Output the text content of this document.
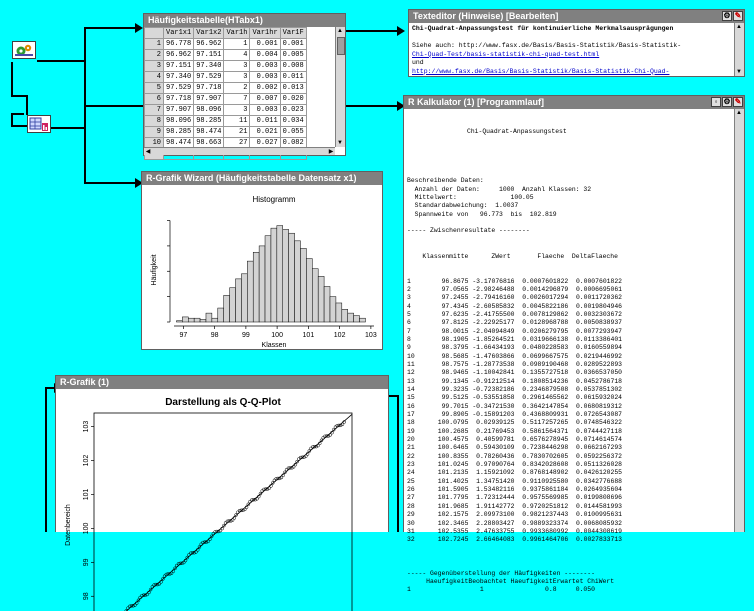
Häufigkeitstabelle(HTabx1)
	Var1x1	Var1x2	Var1h	Var1hr	Var1F
1	96.778	96.962	1	0.001	0.001
2	96.962	97.151	4	0.004	0.005
3	97.151	97.340	3	0.003	0.008
4	97.340	97.529	3	0.003	0.011
5	97.529	97.718	2	0.002	0.013
6	97.718	97.907	7	0.007	0.020
7	97.907	98.096	3	0.003	0.023
8	98.096	98.285	11	0.011	0.034
9	98.285	98.474	21	0.021	0.055
10	98.474	98.663	27	0.027	0.082

▲
▼
◀	▶
Texteditor (Hinweise) [Bearbeiten]	⚙ ✎
Chi-Quadrat-Anpassungstest für kontinuierliche Merkmalsausprägungen
Siehe auch: http://www.fasx.de/Basis/Basis-Statistik/Basis-Statistik-
Chi-Quad-Test/basis-statistik-chi-quad-test.html
und
http://www.fasx.de/Basis/Basis-Statistik/Basis-Statistik-Chi-Quad-
▲
▼
R Kalkulator (1) [Programmlauf]	◦ ⚙ ✎

Chi-Quadrat-Anpassungstest

Beschreibende Daten:
Anzahl der Daten:     1000  Anzahl Klassen: 32
Mittelwert:              100.05
Standardabweichung:  1.0037
Spannweite von   96.773  bis  102.819
----- Zwischenresultate --------

Klassenmitte      ZWert       Flaeche  DeltaFlaeche

1	96.8675 -3.17076816 0.0007601822 0.0007601822
2	97.0565 -2.98246488 0.0014296879 0.0006695061
3	97.2455 -2.79416160 0.0026017294 0.0011720362
4	97.4345 -2.60585832 0.0045822186 0.0019804946
5	97.6235 -2.41755500 0.0078129862 0.0032303672
6	97.8125 -2.22925177 0.0128968788 0.0050838937
7	98.0015 -2.04094849 0.0206279795 0.0077293947
8	98.1905 -1.85264521 0.0319666138 0.0113386401
9	98.3795 -1.66434193 0.0480228583 0.0160559894
10	98.5685 -1.47603866 0.0699667575 0.0219446992
11	98.7575 -1.28773538 0.0989190468 0.0289522893
12	98.9465 -1.10042841 0.1355727518 0.0366537050
13	99.1345 -0.91212514 0.1808514236 0.0452786718
14	99.3235 -0.72382186 0.2346879508 0.0537851302
15	99.5125 -0.53551858 0.2961465562 0.0615932024
16	99.7015 -0.34721530 0.3642147854 0.0680819312
17	99.8905 -0.15891203 0.4368809931 0.0726543087
18	100.0795 0.02939125 0.5117257265 0.0748546322
19	100.2685 0.21769453 0.5861564371 0.0744427118
20	100.4575 0.40599781 0.6576278945 0.0714614574
21	100.6465 0.59430109 0.7238446298 0.0662167293
22	100.8355 0.78260436 0.7830702605 0.0592256372
23	101.0245 0.97090764 0.8342028608 0.0511326028
24	101.2135 1.15921092 0.8768148902 0.0426120255
25	101.4025 1.34751420 0.9110925580 0.0342776688
26	101.5905 1.53482116 0.9375861184 0.0264935604
27	101.7795 1.72312444 0.9575569985 0.0199808696
28	101.9685 1.91142772 0.9720251812 0.0144581993
29	102.1575 2.09973100 0.9821237443 0.0100995631
30	102.3465 2.28803427 0.9889323374 0.0068085932
31	102.5355 2.47633755 0.9933680992 0.0044308619
32	102.7245 2.66464083 0.9961464706 0.0027833713

----- Gegenüberstellung der Häufigkeiten --------
HaeufigkeitBeobachtet HaeufigkeitErwartet ChiWert
1                  1                0.8     0.050

▲
R-Grafik Wizard (Häufigkeitstabelle Datensatz x1)
Histogramm
97	98	99	100	101	102	103
Klassen
Häufigkeit
R-Grafik (1)
Darstellung als Q-Q-Plot
98
99
100
101
102
103
Datenbereich
